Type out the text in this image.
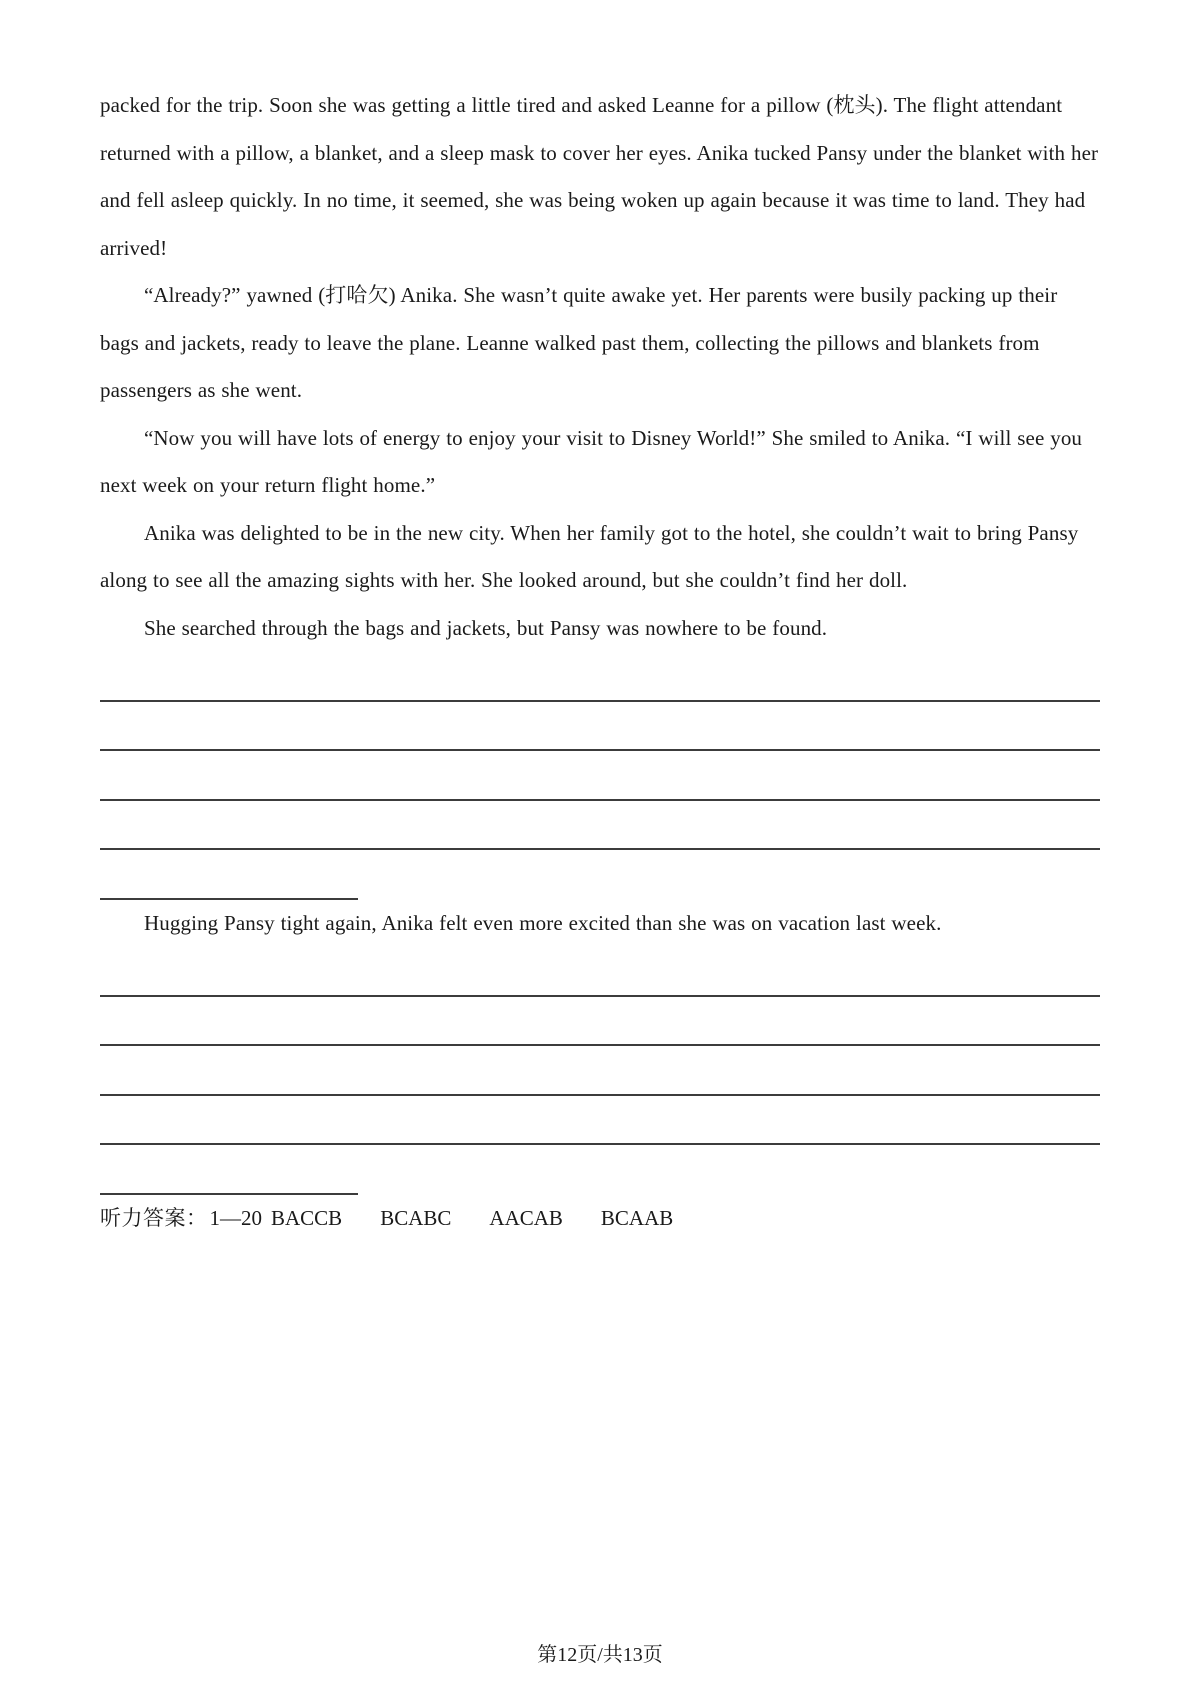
packed for the trip. Soon she was getting a little tired and asked Leanne for a pillow (枕头). The flight attendant returned with a pillow, a blanket, and a sleep mask to cover her eyes. Anika tucked Pansy under the blanket with her and fell asleep quickly. In no time, it seemed, she was being woken up again because it was time to land. They had arrived!

“Already?” yawned (打哈欠) Anika. She wasn’t quite awake yet. Her parents were busily packing up their bags and jackets, ready to leave the plane. Leanne walked past them, collecting the pillows and blankets from passengers as she went.

“Now you will have lots of energy to enjoy your visit to Disney World!” She smiled to Anika. “I will see you next week on your return flight home.”

Anika was delighted to be in the new city. When her family got to the hotel, she couldn’t wait to bring Pansy along to see all the amazing sights with her. She looked around, but she couldn’t find her doll.

She searched through the bags and jackets, but Pansy was nowhere to be found.

Hugging Pansy tight again, Anika felt even more excited than she was on vacation last week.

听力答案：1—20 BACCB BCABC AACAB BCAAB

第12页/共13页
